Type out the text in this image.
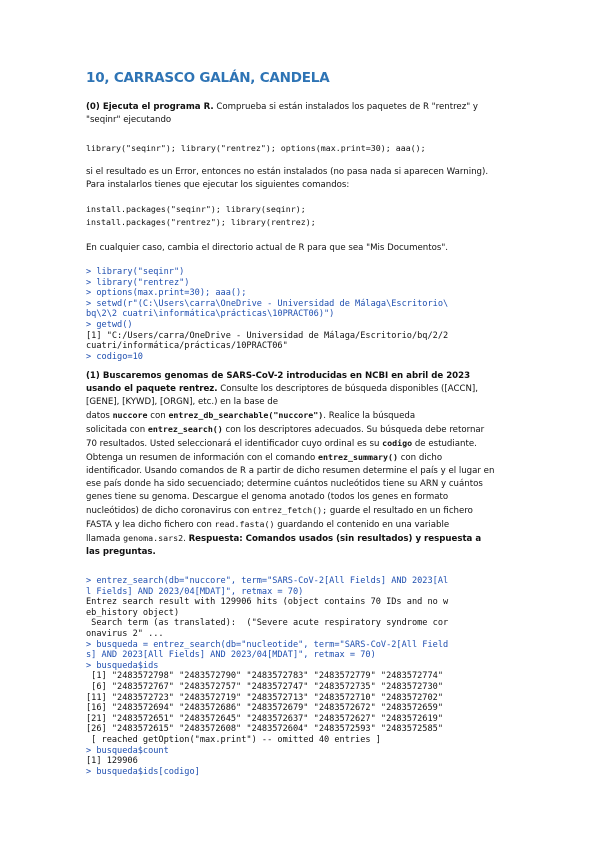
10, CARRASCO GALÁN, CANDELA

(0) Ejecuta el programa R. Comprueba si están instalados los paquetes de R "rentrez" y
"seqinr" ejecutando

library("seqinr"); library("rentrez"); options(max.print=30); aaa();

si el resultado es un Error, entonces no están instalados (no pasa nada si aparecen Warning).
Para instalarlos tienes que ejecutar los siguientes comandos:

install.packages("seqinr"); library(seqinr);
install.packages("rentrez"); library(rentrez);

En cualquier caso, cambia el directorio actual de R para que sea "Mis Documentos".

> library("seqinr")
> library("rentrez")
> options(max.print=30); aaa();
> setwd(r"(C:\Users\carra\OneDrive - Universidad de Málaga\Escritorio\
bq\2\2 cuatri\informática\prácticas\10PRACT06)")
> getwd()
[1] "C:/Users/carra/OneDrive - Universidad de Málaga/Escritorio/bq/2/2
cuatri/informática/prácticas/10PRACT06"
> codigo=10

(1) Buscaremos genomas de SARS-CoV-2 introducidas en NCBI en abril de 2023
usando el paquete rentrez. Consulte los descriptores de búsqueda disponibles ([ACCN],
[GENE], [KYWD], [ORGN], etc.) en la base de
datos nuccore con entrez_db_searchable("nuccore"). Realice la búsqueda
solicitada con entrez_search() con los descriptores adecuados. Su búsqueda debe retornar
70 resultados. Usted seleccionará el identificador cuyo ordinal es su codigo de estudiante.
Obtenga un resumen de información con el comando entrez_summary() con dicho
identificador. Usando comandos de R a partir de dicho resumen determine el país y el lugar en
ese país donde ha sido secuenciado; determine cuántos nucleótidos tiene su ARN y cuántos
genes tiene su genoma. Descargue el genoma anotado (todos los genes en formato
nucleótidos) de dicho coronavirus con entrez_fetch(); guarde el resultado en un fichero
FASTA y lea dicho fichero con read.fasta() guardando el contenido en una variable
llamada genoma.sars2. Respuesta: Comandos usados (sin resultados) y respuesta a
las preguntas.

> entrez_search(db="nuccore", term="SARS-CoV-2[All Fields] AND 2023[Al
l Fields] AND 2023/04[MDAT]", retmax = 70)
Entrez search result with 129906 hits (object contains 70 IDs and no w
eb_history object)
Search term (as translated):  ("Severe acute respiratory syndrome cor
onavirus 2" ...
> busqueda = entrez_search(db="nucleotide", term="SARS-CoV-2[All Field
s] AND 2023[All Fields] AND 2023/04[MDAT]", retmax = 70)
> busqueda$ids
[1] "2483572798" "2483572790" "2483572783" "2483572779" "2483572774"
[6] "2483572767" "2483572757" "2483572747" "2483572735" "2483572730"
[11] "2483572723" "2483572719" "2483572713" "2483572710" "2483572702"
[16] "2483572694" "2483572686" "2483572679" "2483572672" "2483572659"
[21] "2483572651" "2483572645" "2483572637" "2483572627" "2483572619"
[26] "2483572615" "2483572608" "2483572604" "2483572593" "2483572585"
[ reached getOption("max.print") -- omitted 40 entries ]
> busqueda$count
[1] 129906
> busqueda$ids[codigo]
